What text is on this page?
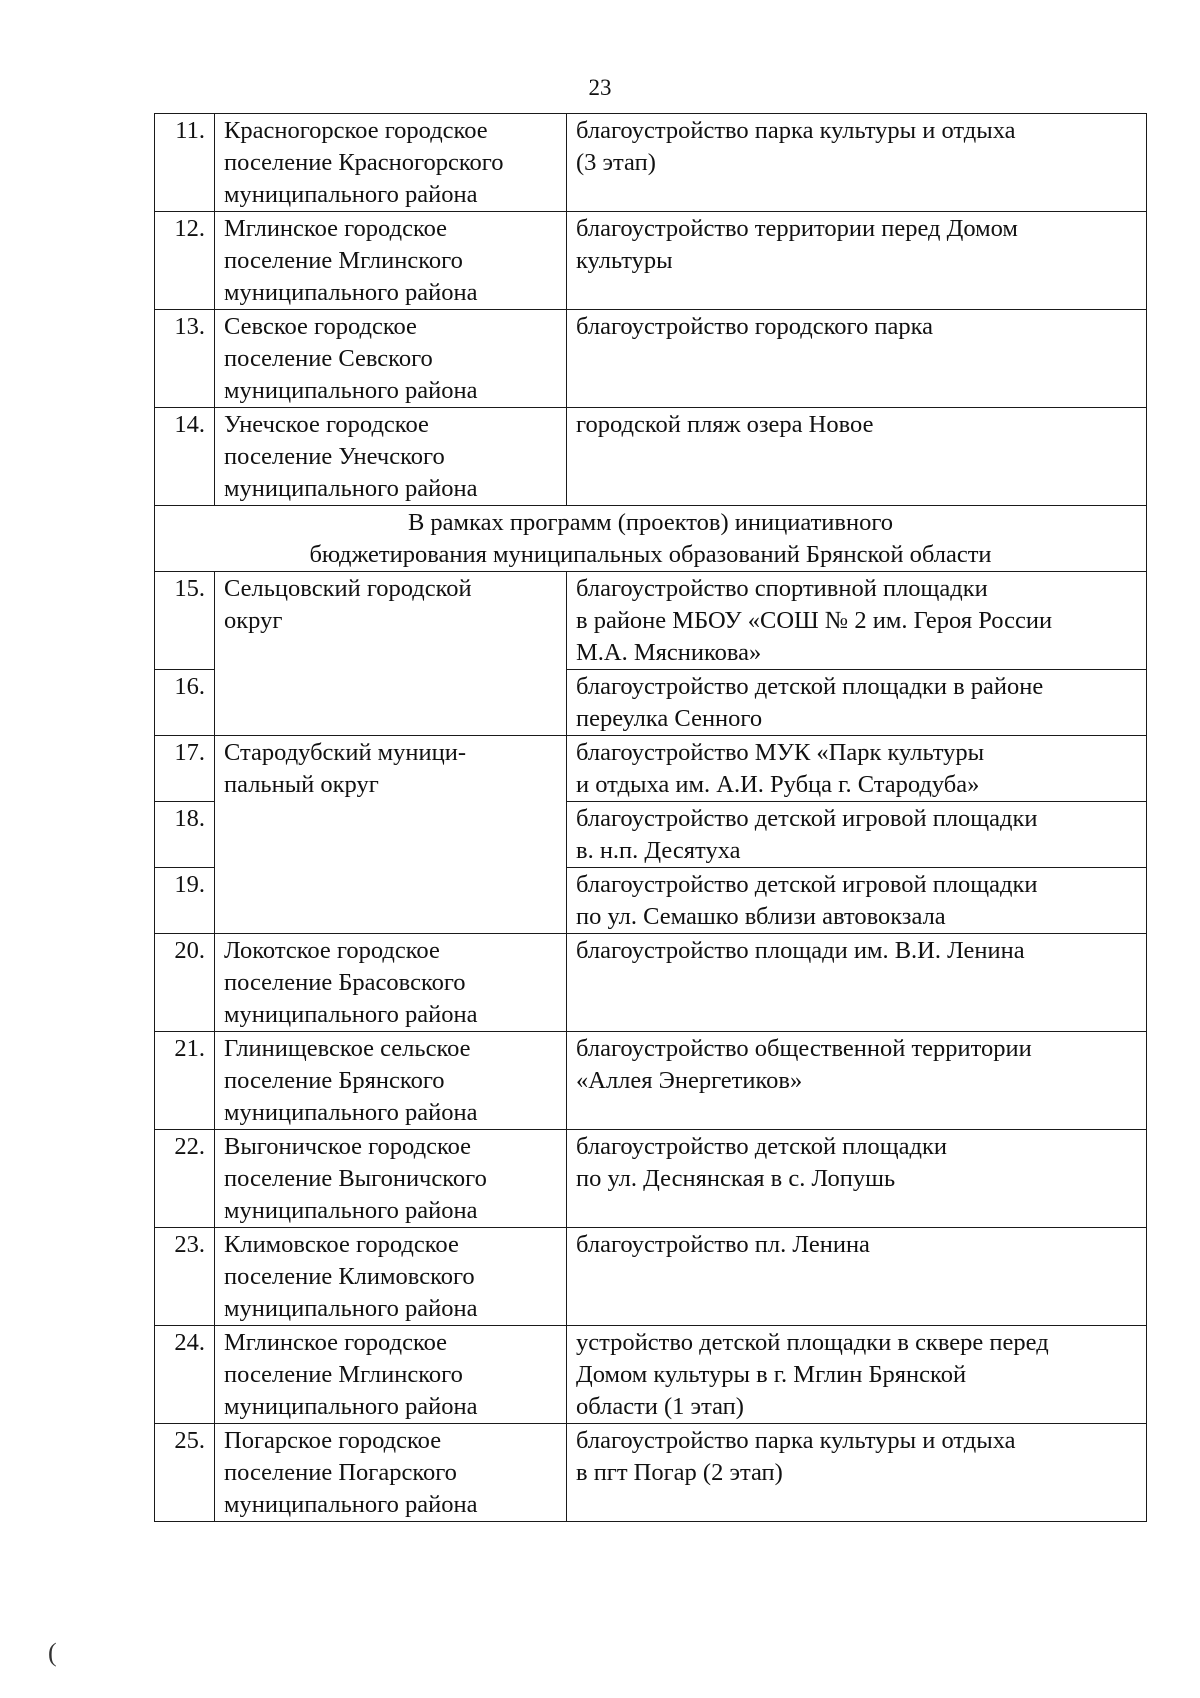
23
11.	Красногорское городское
поселение Красногорского
муниципального района	благоустройство парка культуры и отдыха
(3 этап)

12.	Мглинское городское
поселение Мглинского
муниципального района	благоустройство территории перед Домом
культуры

13.	Севское городское
поселение Севского
муниципального района	благоустройство городского парка

14.	Унечское городское
поселение Унечского
муниципального района	городской пляж озера Новое

В рамках программ (проектов) инициативного
бюджетирования муниципальных образований Брянской области		

15.	Сельцовский городской
округ	благоустройство спортивной площадки
в районе МБОУ «СОШ № 2 им. Героя России
М.А. Мясникова»

16.		благоустройство детской площадки в районе
переулка Сенного

17.	Стародубский муници-
пальный округ	благоустройство МУК «Парк культуры
и отдыха им. А.И. Рубца г. Стародуба»

18.		благоустройство детской игровой площадки
в. н.п. Десятуха

19.		благоустройство детской игровой площадки
по ул. Семашко вблизи автовокзала

20.	Локотское городское
поселение Брасовского
муниципального района	благоустройство площади им. В.И. Ленина

21.	Глинищевское сельское
поселение Брянского
муниципального района	благоустройство общественной территории
«Аллея Энергетиков»

22.	Выгоничское городское
поселение Выгоничского
муниципального района	благоустройство детской площадки
по ул. Деснянская в с. Лопушь

23.	Климовское городское
поселение Климовского
муниципального района	благоустройство пл. Ленина

24.	Мглинское городское
поселение Мглинского
муниципального района	устройство детской площадки в сквере перед
Домом культуры в г. Мглин Брянской
области (1 этап)

25.	Погарское городское
поселение Погарского
муниципального района	благоустройство парка культуры и отдыха
в пгт Погар (2 этап)
(
